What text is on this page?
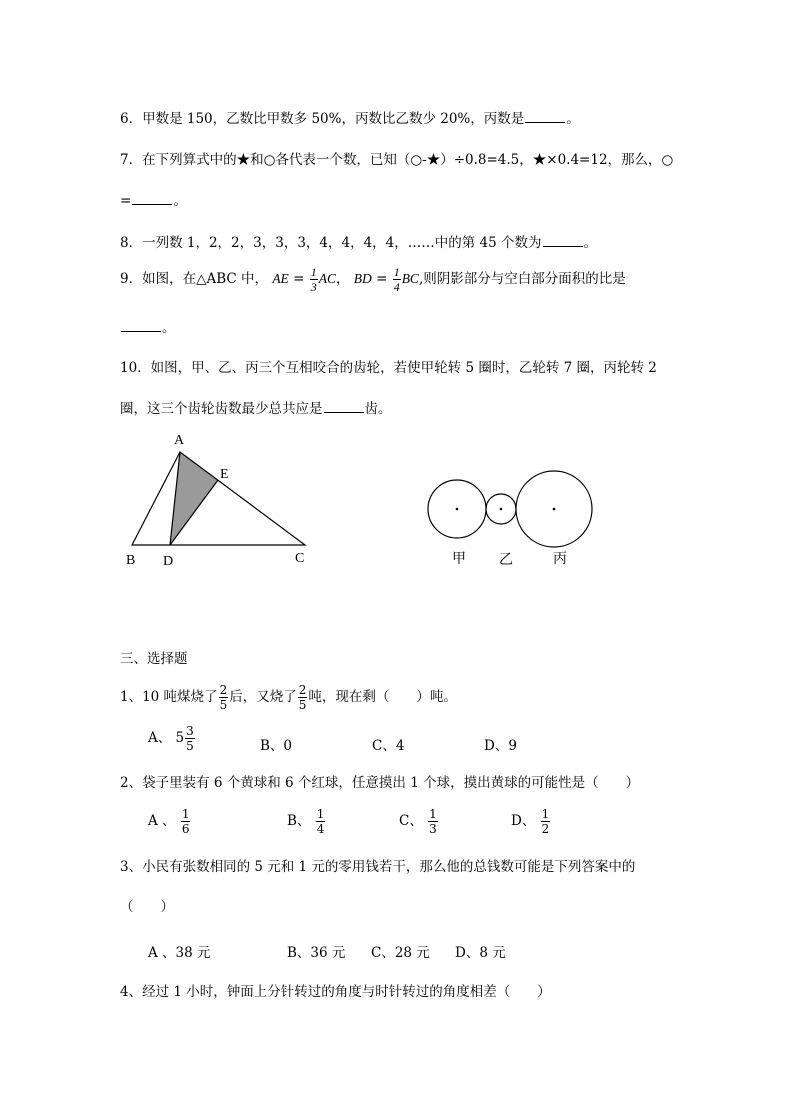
6．甲数是 150，乙数比甲数多 50%，丙数比乙数少 20%，丙数是	。
7．在下列算式中的★和○各代表一个数，已知（○-★）÷0.8=4.5，★×0.4=12，那么，○
=	。
8．一列数 1，2，2，3，3，3，4，4，4，4，……中的第 45 个数为	。
9．如图，在△ABC 中， AE = $\frac{1}{3}$ AC， BD = $\frac{1}{4}$ BC,则阴影部分与空白部分面积的比是
。
10．如图，甲、乙、丙三个互相咬合的齿轮，若使甲轮转 5 圈时，乙轮转 7 圈，丙轮转 2
圈，这三个齿轮齿数最少总共应是	齿。
A
E
B D	C	甲 乙	丙
三、选择题
1、10 吨煤烧了 $\frac{2}{5}$ 后，又烧了 $\frac{2}{5}$ 吨，现在剩（　　）吨。
A、 $5 \frac{3}{5}$	B、0	C、4	D、9
2、袋子里装有 6 个黄球和 6 个红球，任意摸出 1 个球，摸出黄球的可能性是（　　）
A 、 $\frac{1}{6}$	B、 $\frac{1}{4}$	C、 $\frac{1}{3}$	D、 $\frac{1}{2}$
3、小民有张数相同的 5 元和 1 元的零用钱若干，那么他的总钱数可能是下列答案中的
（　　）
A 、38 元	B、36 元 C、28 元 D、8 元
4、经过 1 小时，钟面上分针转过的角度与时针转过的角度相差（　　）
